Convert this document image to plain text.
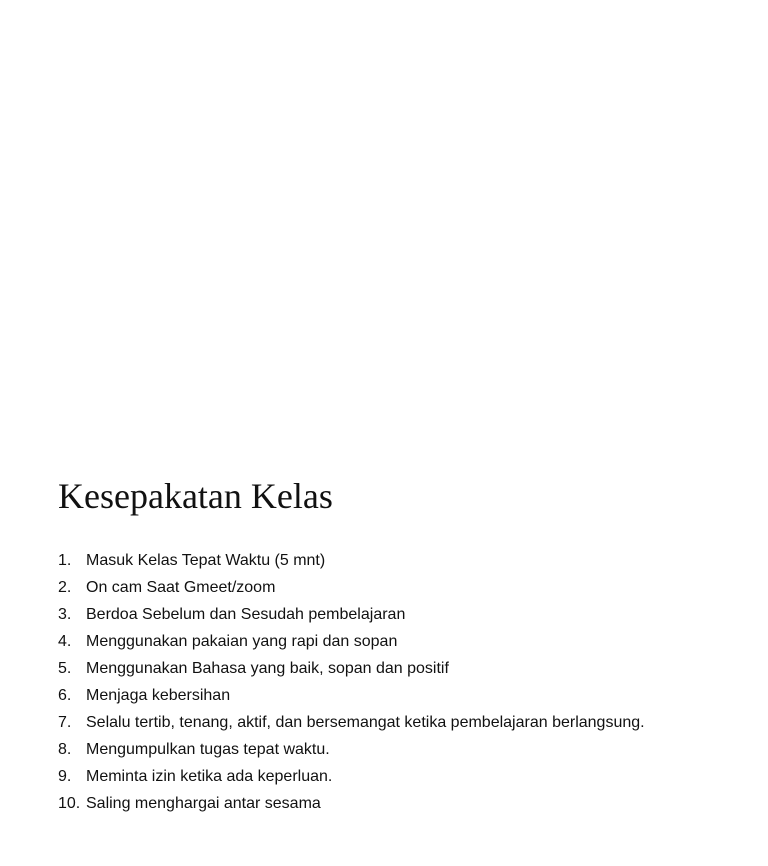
Kesepakatan Kelas
1. Masuk Kelas Tepat Waktu (5 mnt)
2. On cam Saat Gmeet/zoom
3. Berdoa Sebelum dan Sesudah pembelajaran
4. Menggunakan pakaian yang rapi dan sopan
5. Menggunakan Bahasa yang baik, sopan dan positif
6. Menjaga kebersihan
7. Selalu tertib, tenang, aktif, dan bersemangat ketika pembelajaran berlangsung.
8. Mengumpulkan tugas tepat waktu.
9. Meminta izin ketika ada keperluan.
10. Saling menghargai antar sesama
